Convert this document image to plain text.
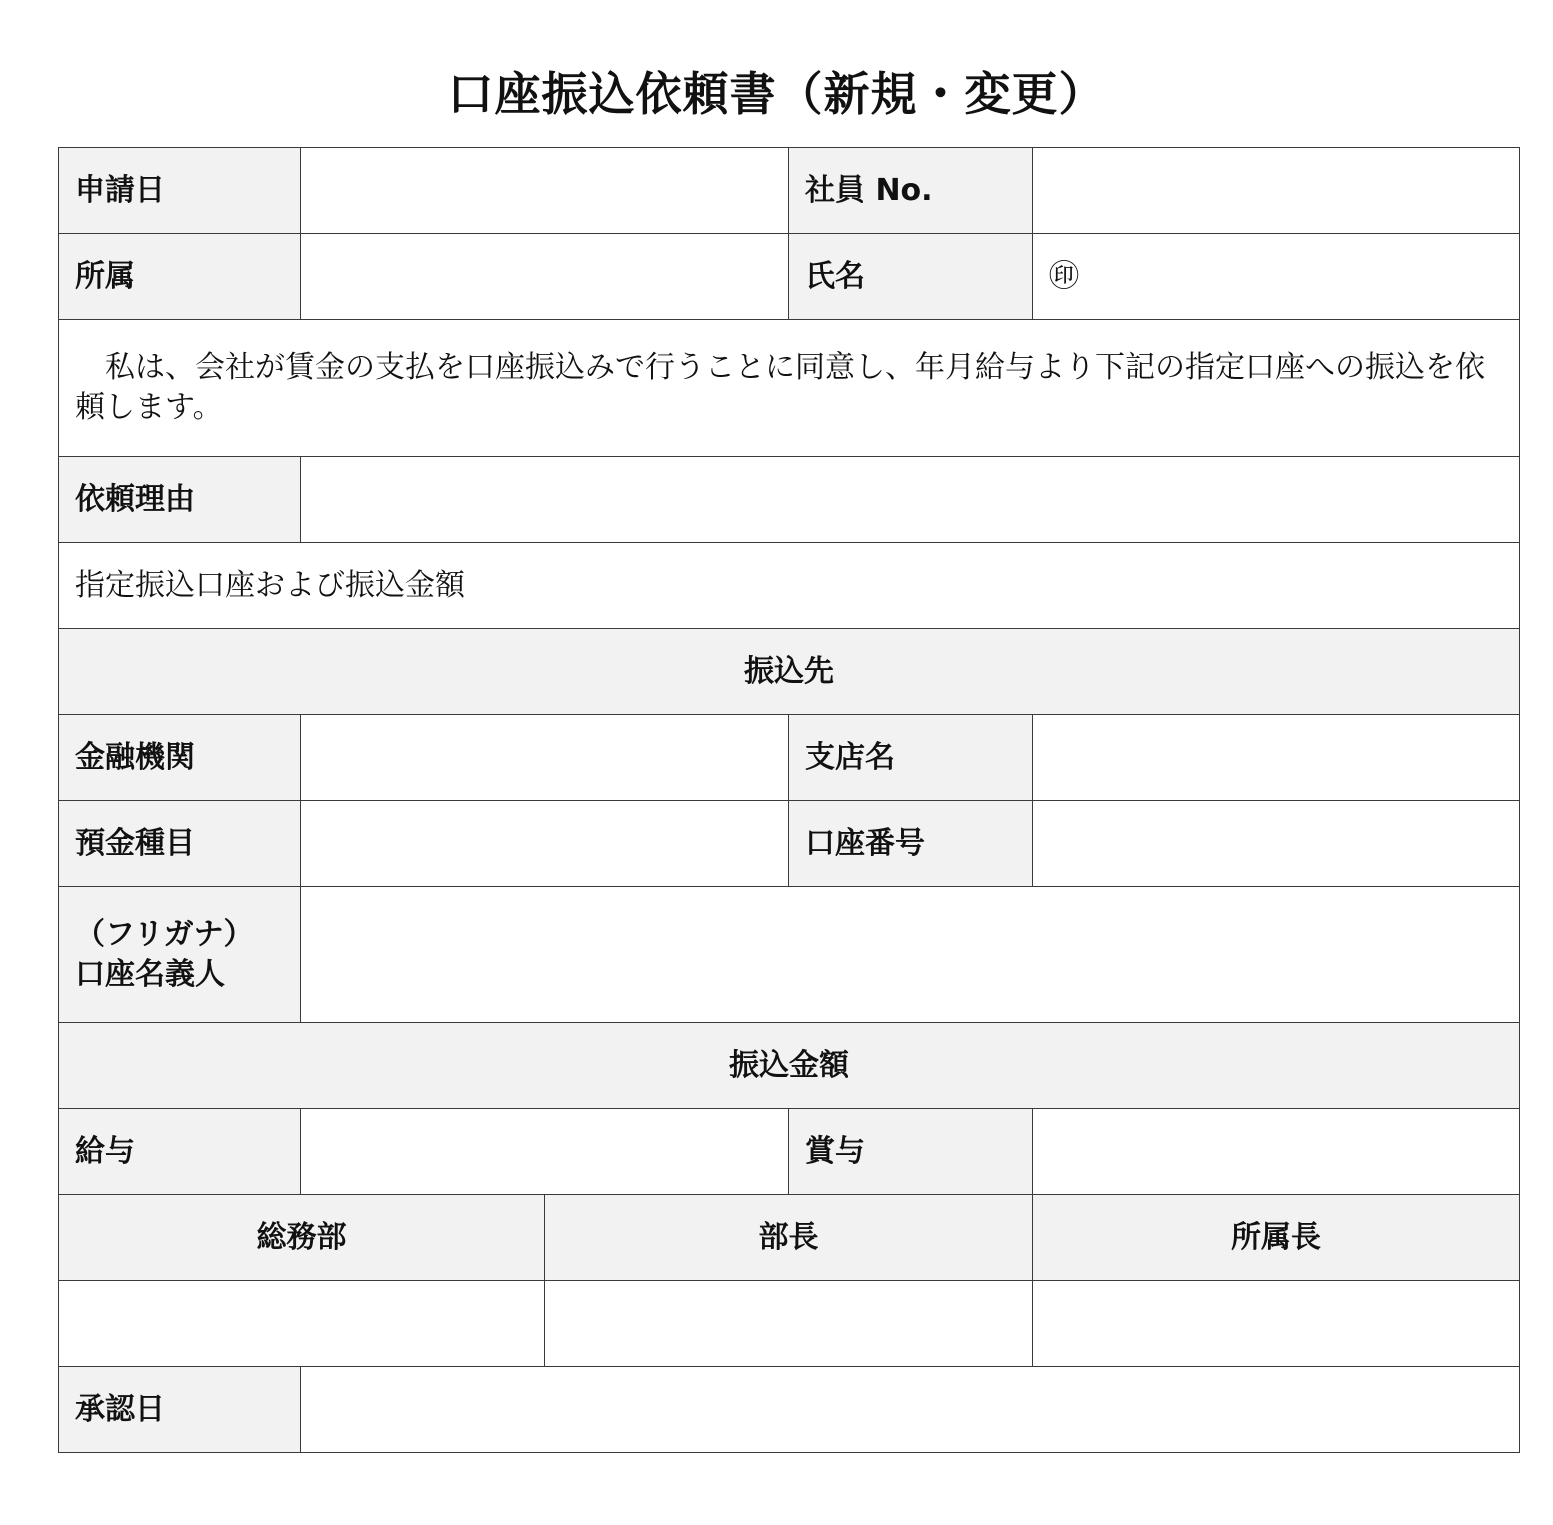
口座振込依頼書（新規・変更）
申請日			社員 No.	
所属			氏名	㊞
　私は、会社が賃金の支払を口座振込みで行うことに同意し、年月給与より下記の指定口座への振込を依頼します。				
依頼理由				
指定振込口座および振込金額				
振込先				
金融機関			支店名	
預金種目			口座番号	

（フリガナ）
口座名義人				

振込金額				
給与			賞与	
総務部		部長		所属長

承認日				
